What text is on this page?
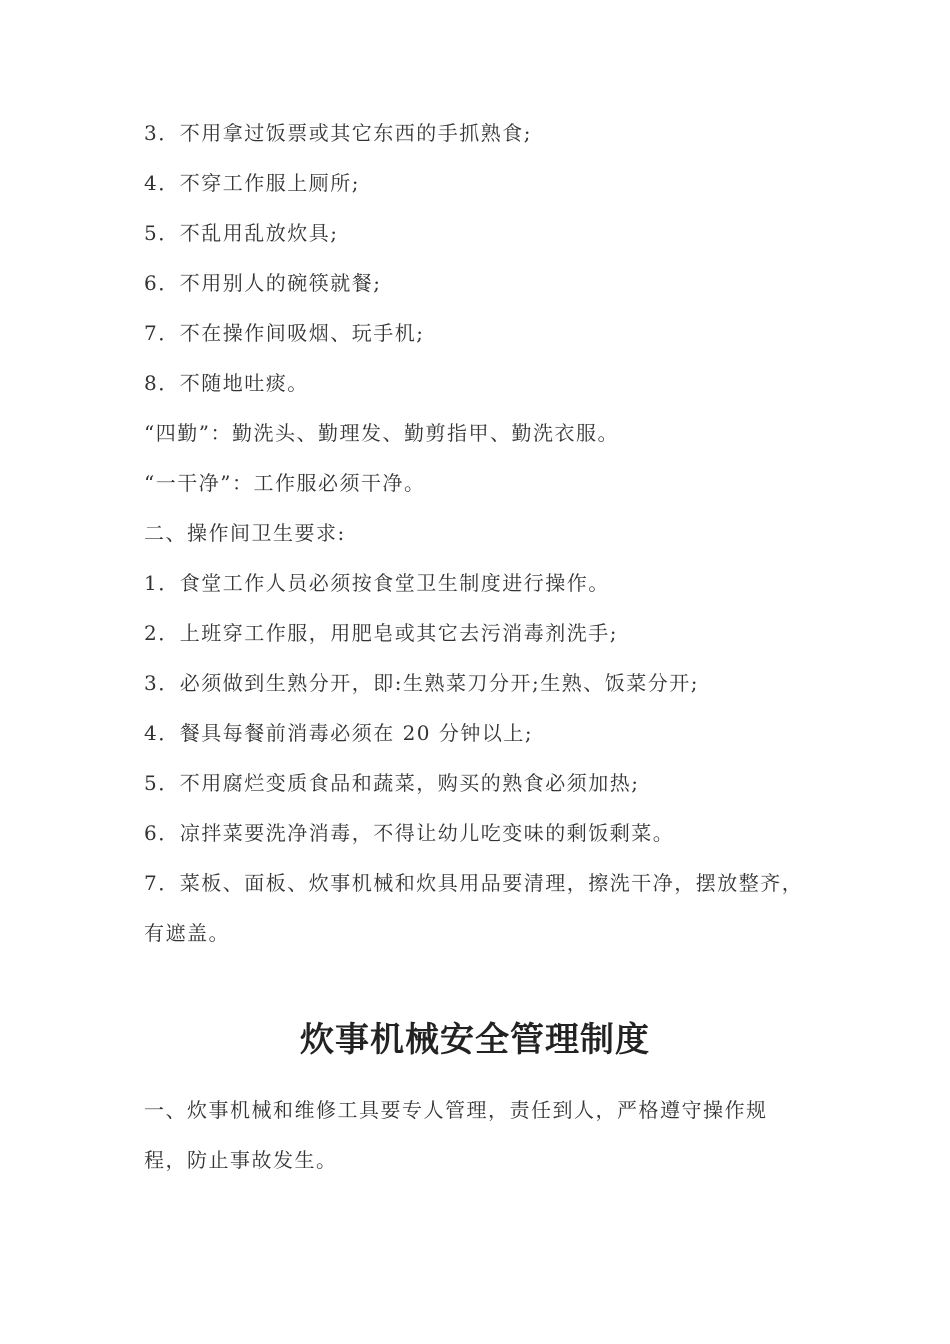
3．不用拿过饭票或其它东西的手抓熟食;
4．不穿工作服上厕所;
5．不乱用乱放炊具;
6．不用别人的碗筷就餐;
7．不在操作间吸烟、玩手机;
8．不随地吐痰。
“四勤”：勤洗头、勤理发、勤剪指甲、勤洗衣服。
“一干净”：工作服必须干净。
二、操作间卫生要求:
1．食堂工作人员必须按食堂卫生制度进行操作。
2．上班穿工作服，用肥皂或其它去污消毒剂洗手;
3．必须做到生熟分开，即:生熟菜刀分开;生熟、饭菜分开;
4．餐具每餐前消毒必须在 20 分钟以上;
5．不用腐烂变质食品和蔬菜，购买的熟食必须加热;
6．凉拌菜要洗净消毒，不得让幼儿吃变味的剩饭剩菜。
7．菜板、面板、炊事机械和炊具用品要清理，擦洗干净，摆放整齐，有遮盖。
炊事机械安全管理制度
一、炊事机械和维修工具要专人管理，责任到人，严格遵守操作规程，防止事故发生。
